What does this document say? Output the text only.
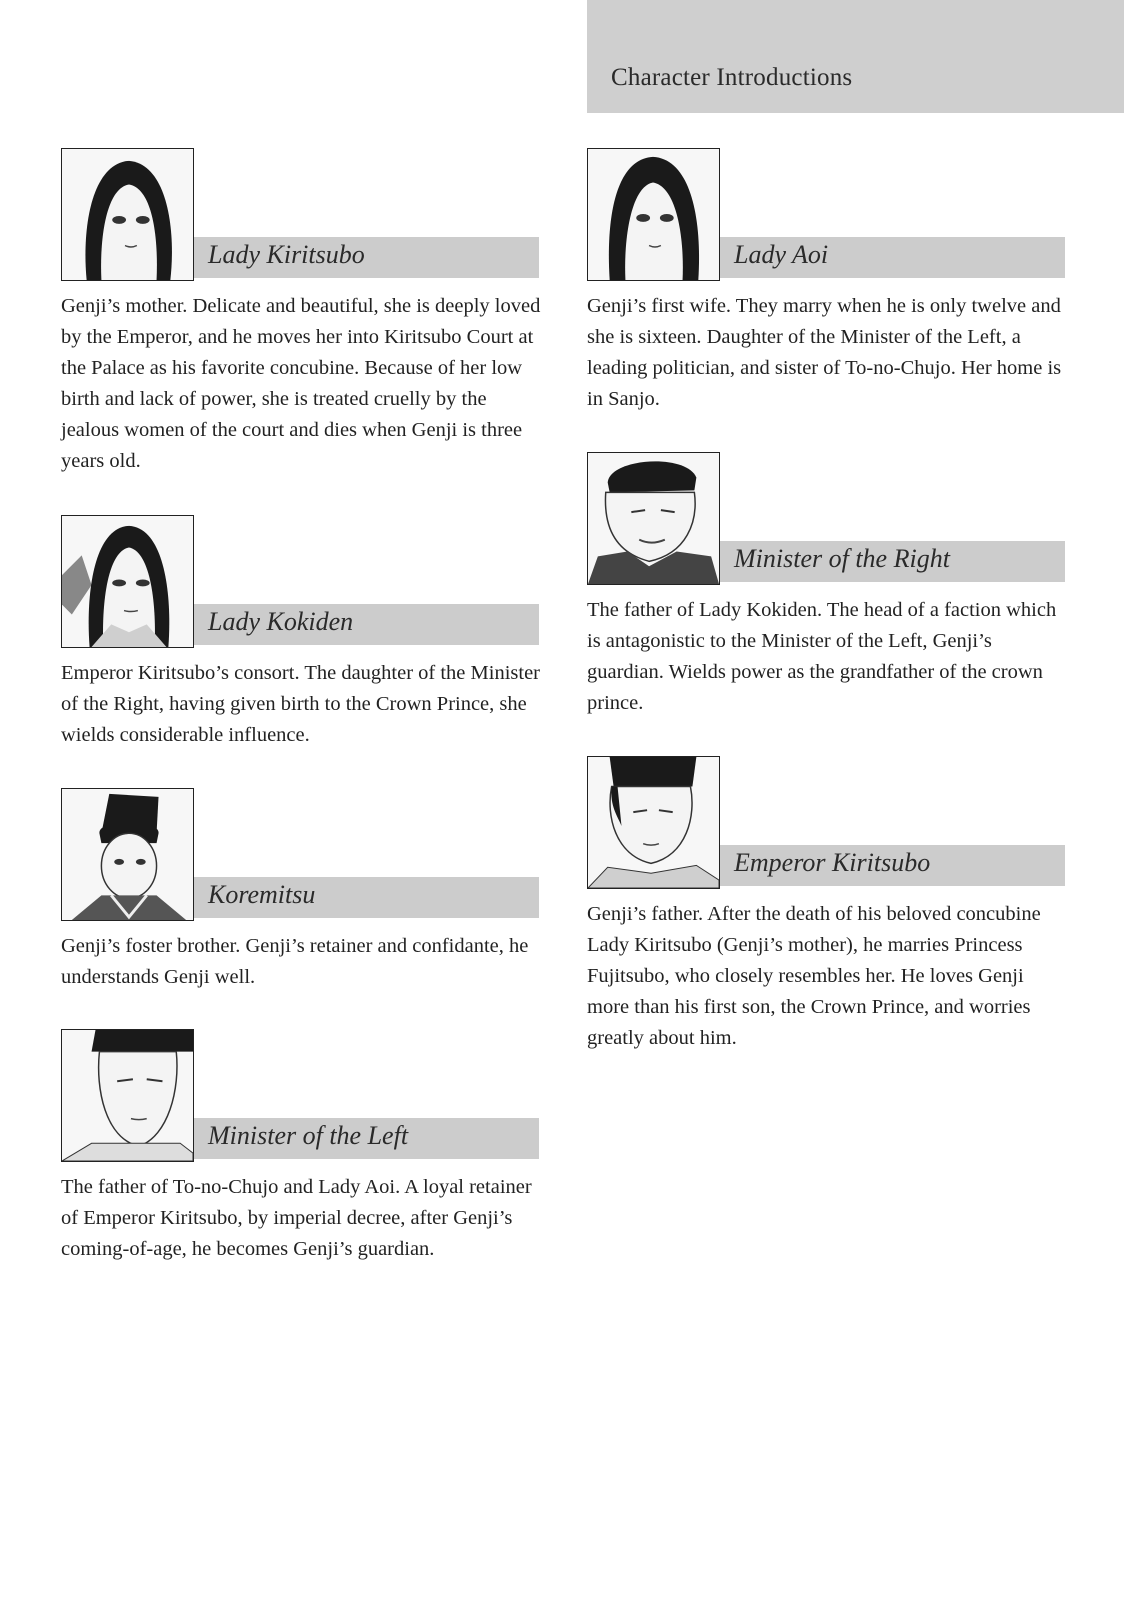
Character Introductions
Lady Kiritsubo

Genji’s mother. Delicate and beautiful, she is deeply loved by the Emperor, and he moves her into Kiritsubo Court at the Palace as his favorite concubine. Because of her low birth and lack of power, she is treated cruelly by the jealous women of the court and dies when Genji is three years old.

Lady Kokiden

Emperor Kiritsubo’s consort. The daughter of the Minister of the Right, having given birth to the Crown Prince, she wields considerable influence.

Koremitsu

Genji’s foster brother. Genji’s retainer and confidante, he understands Genji well.

Minister of the Left

The father of To-no-Chujo and Lady Aoi. A loyal retainer of Emperor Kiritsubo, by imperial decree, after Genji’s coming-of-age, he becomes Genji’s guardian.

Lady Aoi

Genji’s first wife. They marry when he is only twelve and she is sixteen. Daughter of the Minister of the Left, a leading politician, and sister of To-no-Chujo. Her home is in Sanjo.

Minister of the Right

The father of Lady Kokiden. The head of a faction which is antagonistic to the Minister of the Left, Genji’s guardian. Wields power as the grandfather of the crown prince.

Emperor Kiritsubo

Genji’s father. After the death of his beloved concubine Lady Kiritsubo (Genji’s mother), he marries Princess Fujitsubo, who closely resembles her. He loves Genji more than his first son, the Crown Prince, and worries greatly about him.
